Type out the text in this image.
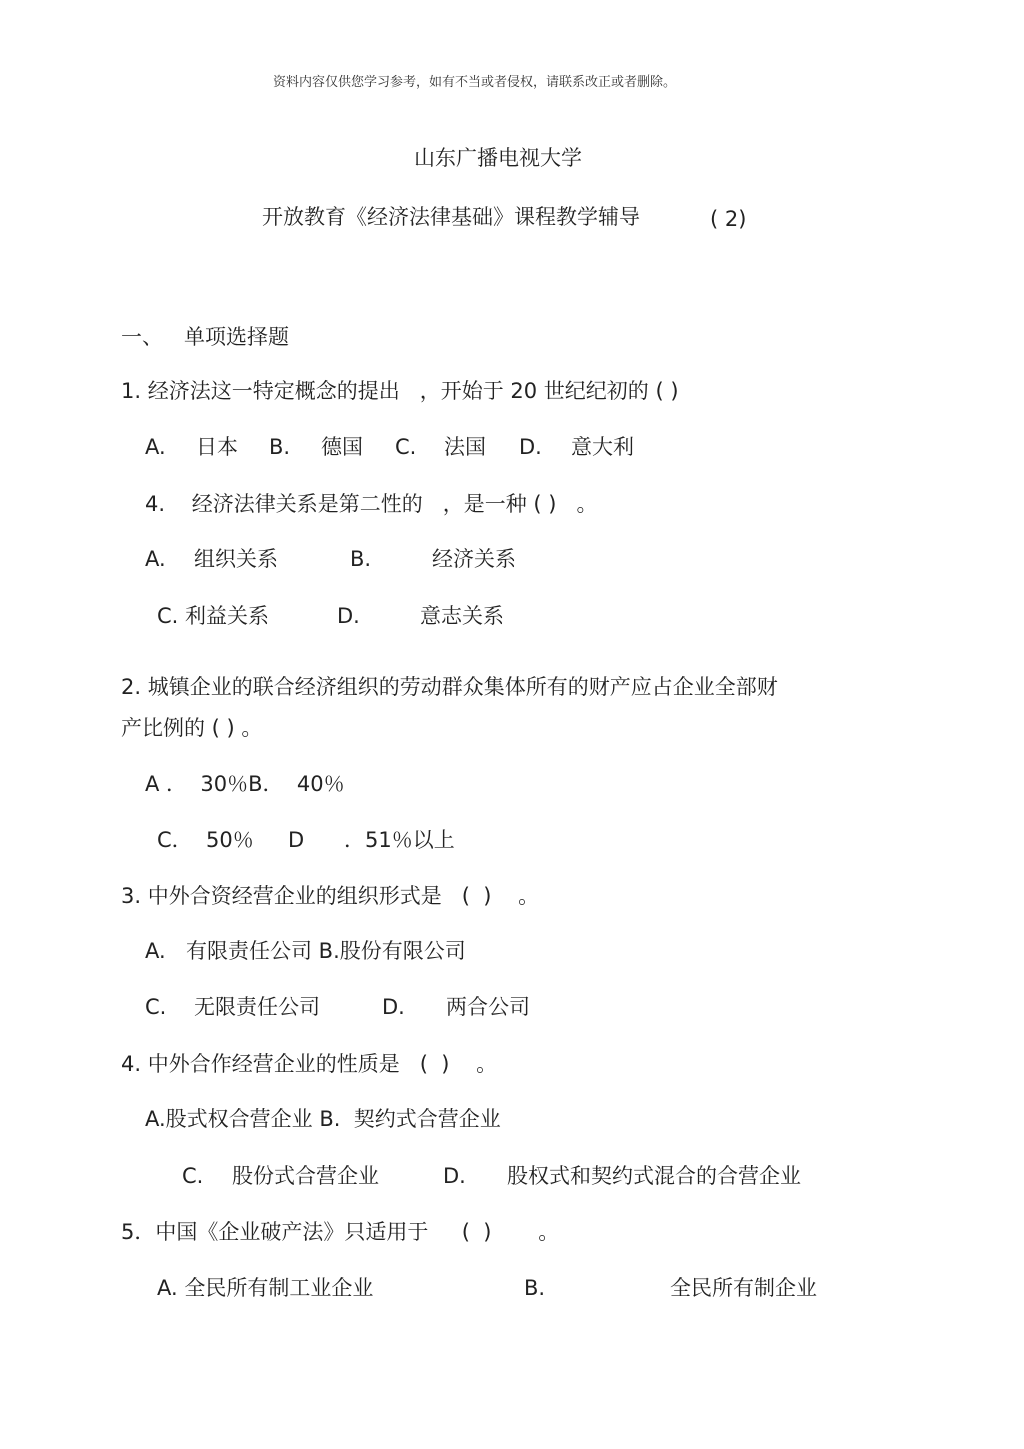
资料内容仅供您学习参考，如有不当或者侵权，请联系改正或者删除。
山东广播电视大学
开放教育《经济法律基础》课程教学辅导	( 2)
一、 单项选择题
1. 经济法这一特定概念的提出   ，开始于 20 世纪纪初的 ( )
A. 日本 B. 德国 C. 法国 D. 意大利
4.    经济法律关系是第二性的   ，是一种 ( )   。
A. 组织关系	B.	经济关系
C. 利益关系	D.	意志关系
2. 城镇企业的联合经济组织的劳动群众集体所有的财产应占企业全部财
产比例的 ( ) 。
A ．  30％B．  40％
C．  50％ D ．51％以上
3. 中外合资经营企业的组织形式是   (  )    。
A. 有限责任公司 B.股份有限公司
C. 无限责任公司	D. 两合公司
4. 中外合作经营企业的性质是   (  )    。
A.股式权合营企业 B.  契约式合营企业
C. 股份式合营企业	D. 股权式和契约式混合的合营企业
5．中国《企业破产法》只适用于     (  )       。
A. 全民所有制工业企业	B.	全民所有制企业
